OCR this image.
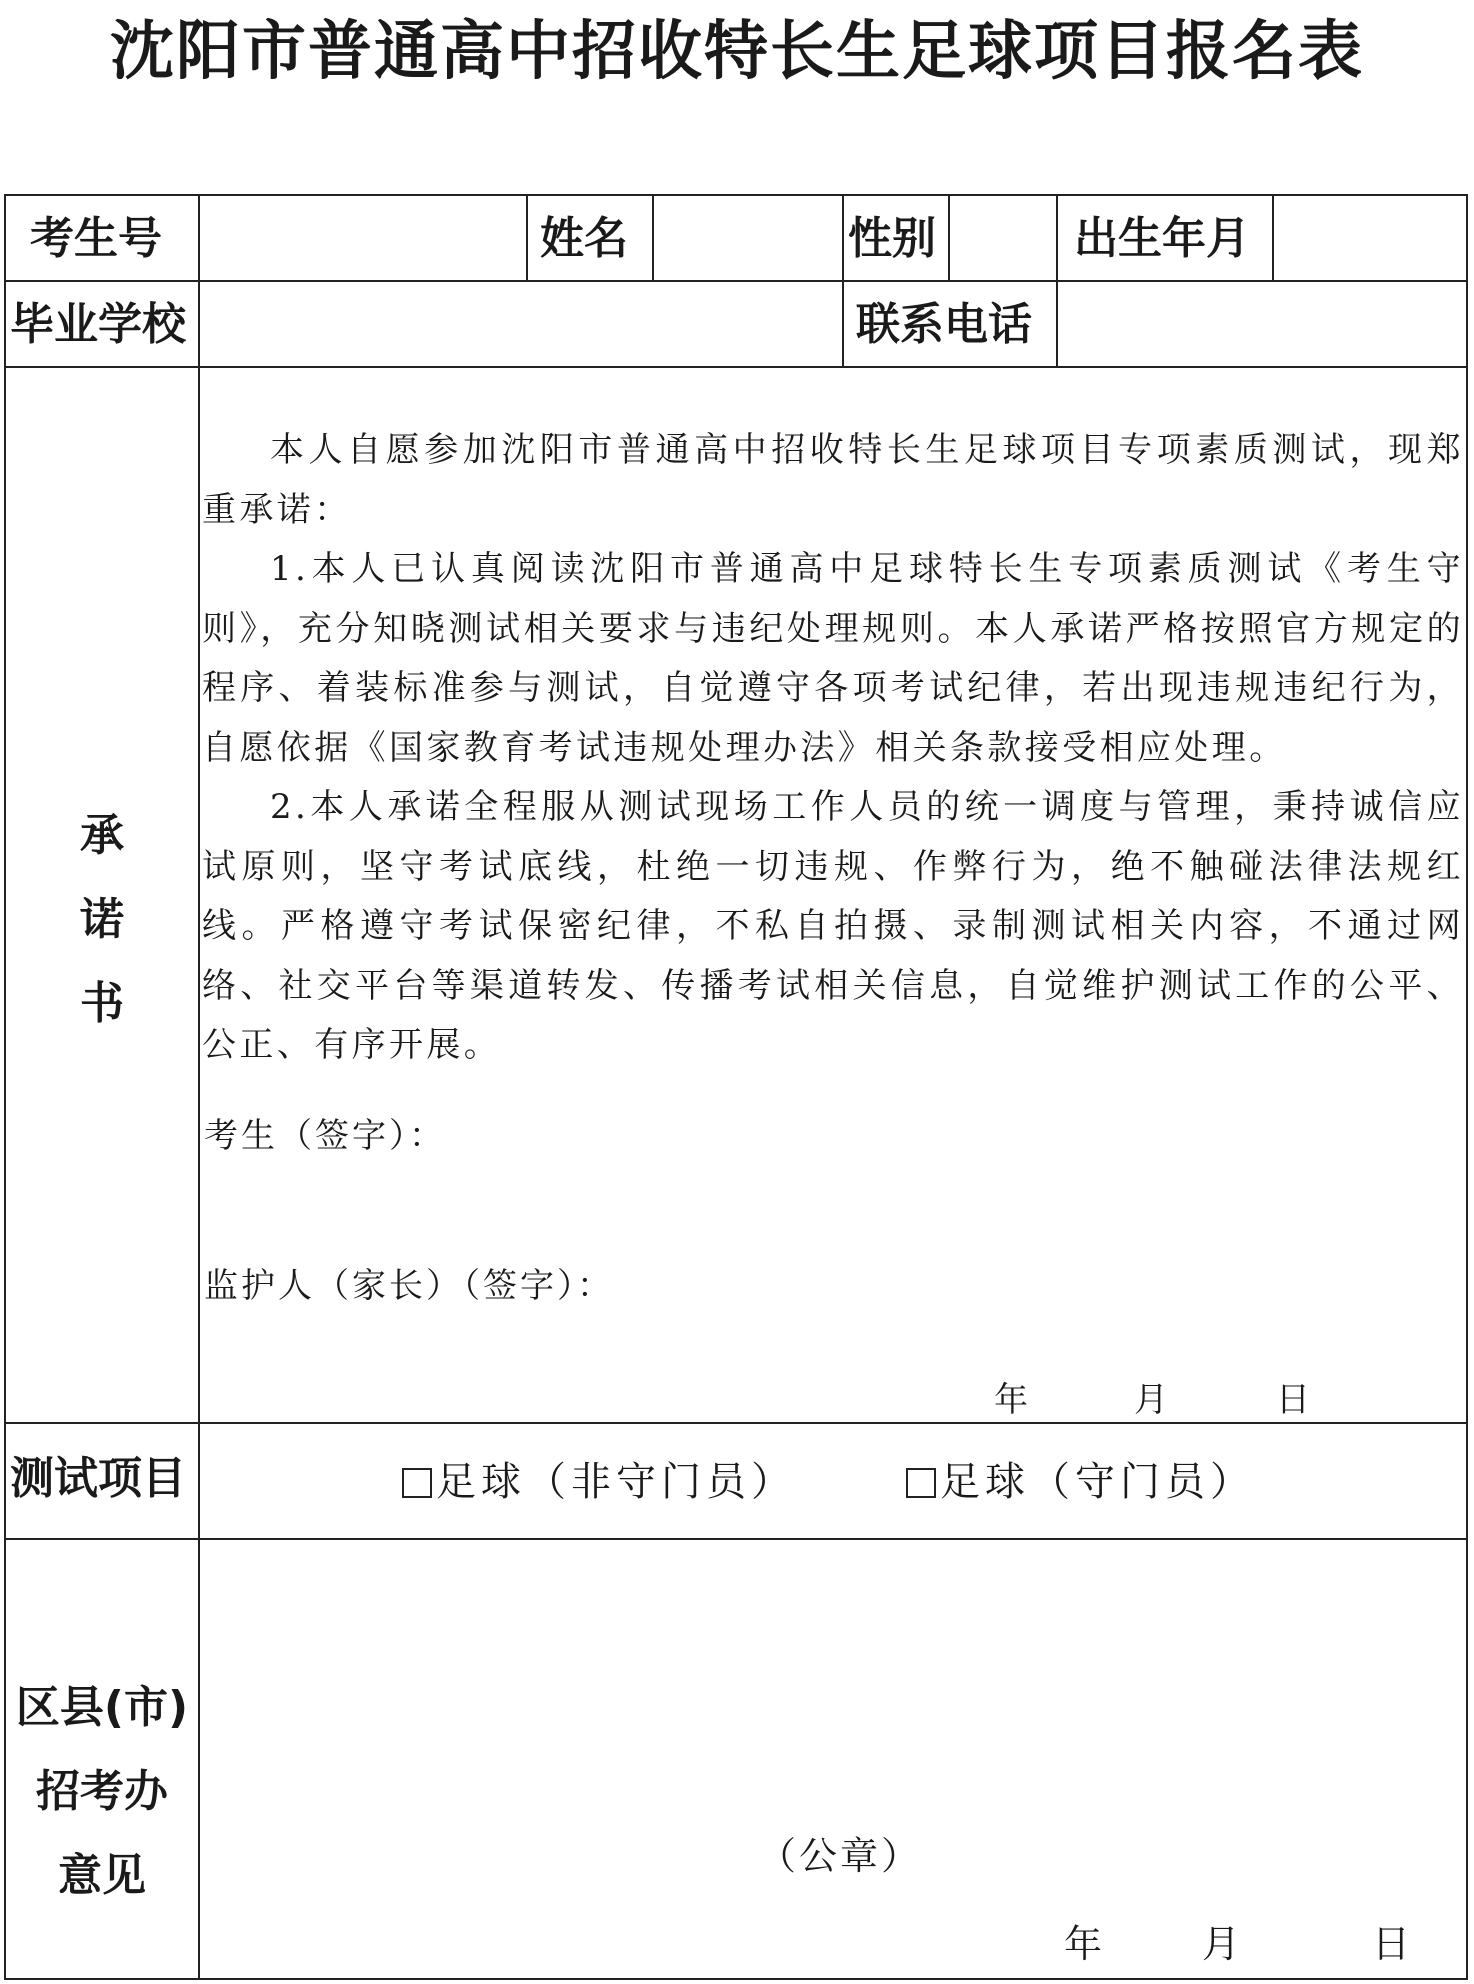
沈阳市普通高中招收特长生足球项目报名表
考生号	姓名	性别	出生年月
毕业学校	联系电话
承
诺
书

本人自愿参加沈阳市普通高中招收特长生足球项目专项素质测试，现郑重承诺：

1.本人已认真阅读沈阳市普通高中足球特长生专项素质测试《考生守则》，充分知晓测试相关要求与违纪处理规则。本人承诺严格按照官方规定的程序、着装标准参与测试，自觉遵守各项考试纪律，若出现违规违纪行为，自愿依据《国家教育考试违规处理办法》相关条款接受相应处理。

2.本人承诺全程服从测试现场工作人员的统一调度与管理，秉持诚信应试原则，坚守考试底线，杜绝一切违规、作弊行为，绝不触碰法律法规红线。严格遵守考试保密纪律，不私自拍摄、录制测试相关内容，不通过网络、社交平台等渠道转发、传播考试相关信息，自觉维护测试工作的公平、公正、有序开展。

考生（签字）：
监护人（家长）（签字）：
年	月	日
测试项目	足球（非守门员）	足球（守门员）
区县(市)
招考办
意见	（公章）
年	月	日
